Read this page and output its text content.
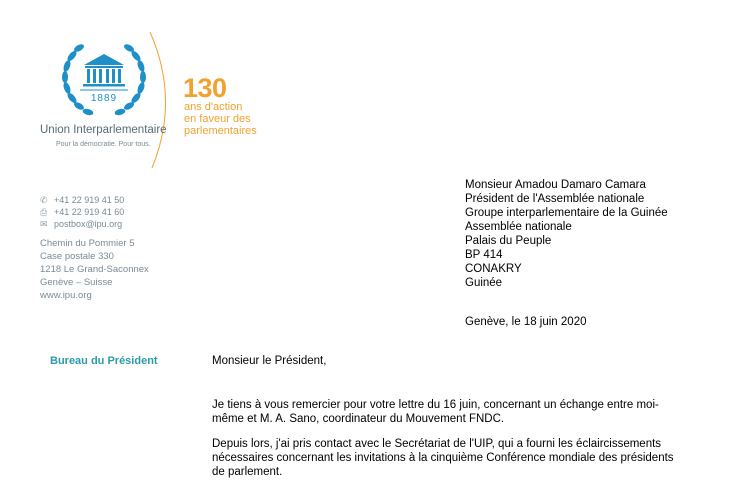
1889
Union Interparlementaire
Pour la démocratie. Pour tous.
130
ans d'action
en faveur des
parlementaires
✆ +41 22 919 41 50
⎙ +41 22 919 41 60
✉ postbox@ipu.org
Chemin du Pommier 5
Case postale 330
1218 Le Grand-Saconnex
Genève – Suisse
www.ipu.org
Monsieur Amadou Damaro Camara
Président de l'Assemblée nationale
Groupe interparlementaire de la Guinée
Assemblée nationale
Palais du Peuple
BP 414
CONAKRY
Guinée
Genève, le 18 juin 2020
Bureau du Président	Monsieur le Président,
Je tiens à vous remercier pour votre lettre du 16 juin, concernant un échange entre moi-
même et M. A. Sano, coordinateur du Mouvement FNDC.
Depuis lors, j'ai pris contact avec le Secrétariat de l'UIP, qui a fourni les éclaircissements
nécessaires concernant les invitations à la cinquième Conférence mondiale des présidents
de parlement.
